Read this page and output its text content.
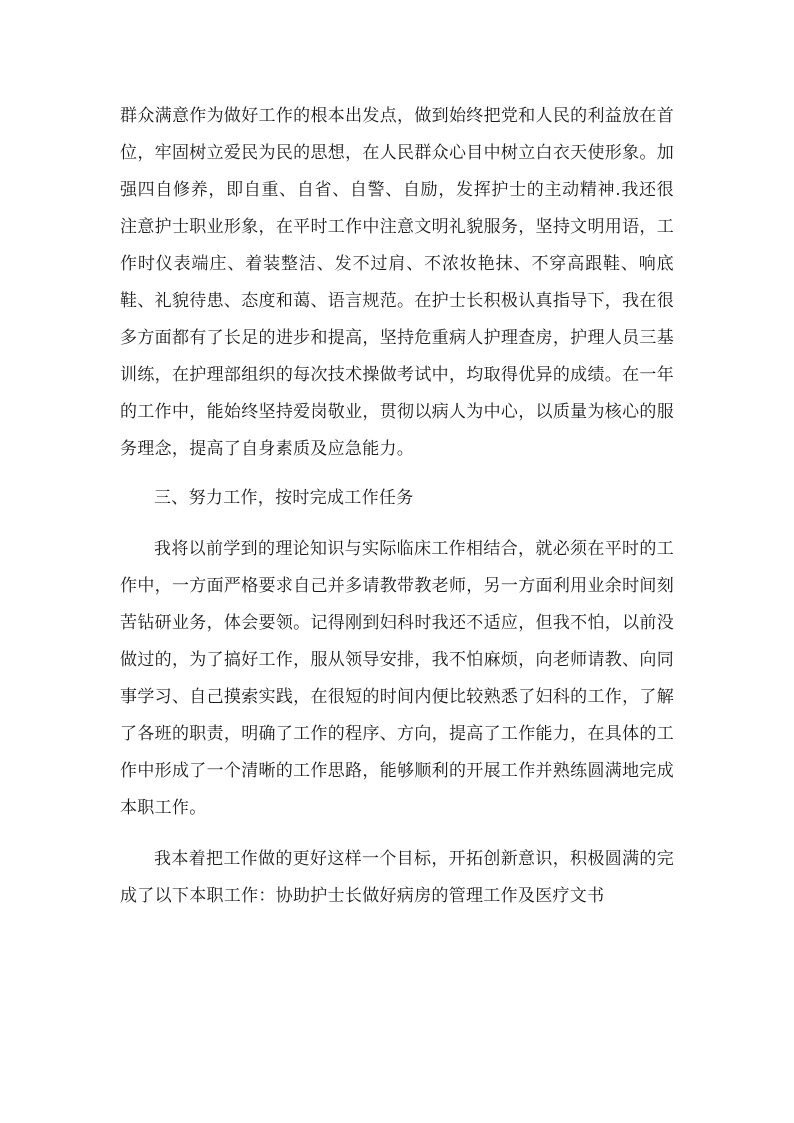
群众满意作为做好工作的根本出发点，做到始终把党和人民的利益放在首位，牢固树立爱民为民的思想，在人民群众心目中树立白衣天使形象。加强四自修养，即自重、自省、自警、自励，发挥护士的主动精神.我还很注意护士职业形象，在平时工作中注意文明礼貌服务，坚持文明用语，工作时仪表端庄、着装整洁、发不过肩、不浓妆艳抹、不穿高跟鞋、响底鞋、礼貌待患、态度和蔼、语言规范。在护士长积极认真指导下，我在很多方面都有了长足的进步和提高，坚持危重病人护理查房，护理人员三基训练，在护理部组织的每次技术操做考试中，均取得优异的成绩。在一年的工作中，能始终坚持爱岗敬业，贯彻以病人为中心，以质量为核心的服务理念，提高了自身素质及应急能力。

三、努力工作，按时完成工作任务

我将以前学到的理论知识与实际临床工作相结合，就必须在平时的工作中，一方面严格要求自己并多请教带教老师，另一方面利用业余时间刻苦钻研业务，体会要领。记得刚到妇科时我还不适应，但我不怕，以前没做过的，为了搞好工作，服从领导安排，我不怕麻烦，向老师请教、向同事学习、自己摸索实践，在很短的时间内便比较熟悉了妇科的工作，了解了各班的职责，明确了工作的程序、方向，提高了工作能力，在具体的工作中形成了一个清晰的工作思路，能够顺利的开展工作并熟练圆满地完成本职工作。

我本着把工作做的更好这样一个目标，开拓创新意识，积极圆满的完成了以下本职工作：协助护士长做好病房的管理工作及医疗文书
